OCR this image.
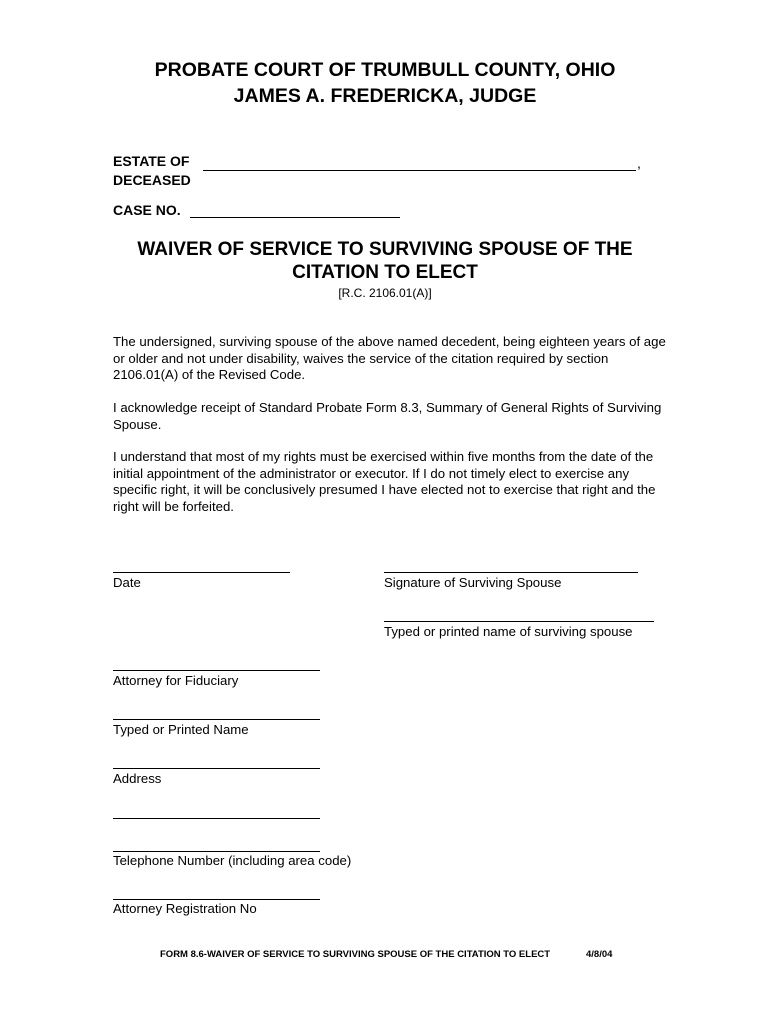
PROBATE COURT OF TRUMBULL COUNTY, OHIO
JAMES A. FREDERICKA, JUDGE
ESTATE OF	,
DECEASED
CASE NO.
WAIVER OF SERVICE TO SURVIVING SPOUSE OF THE
CITATION TO ELECT
[R.C. 2106.01(A)]
The undersigned, surviving spouse of the above named decedent, being eighteen years of age or older and not under disability, waives the service of the citation required by section 2106.01(A) of the Revised Code.
I acknowledge receipt of Standard Probate Form 8.3, Summary of General Rights of Surviving Spouse.
I understand that most of my rights must be exercised within five months from the date of the initial appointment of the administrator or executor. If I do not timely elect to exercise any specific right, it will be conclusively presumed I have elected not to exercise that right and the right will be forfeited.
Date	Signature of Surviving Spouse
Typed or printed name of surviving spouse
Attorney for Fiduciary
Typed or Printed Name
Address
Telephone Number (including area code)
Attorney Registration No
FORM 8.6-WAIVER OF SERVICE TO SURVIVING SPOUSE OF THE CITATION TO ELECT	4/8/04
